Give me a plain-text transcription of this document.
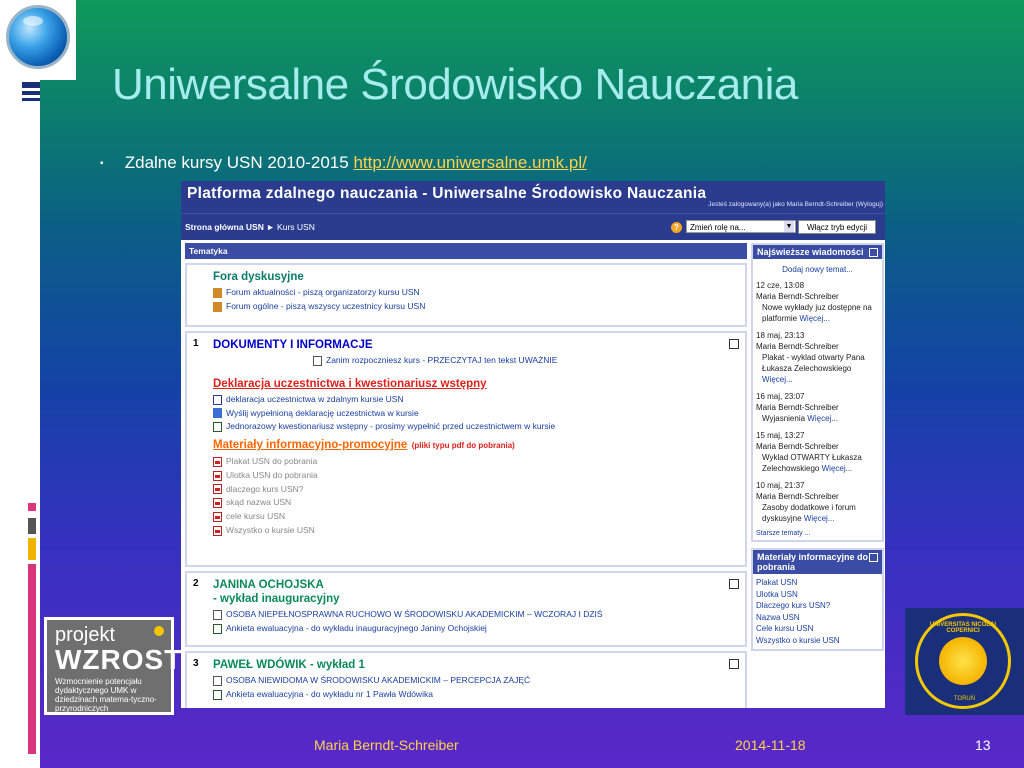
Uniwersalne Środowisko Nauczania
▪ Zdalne kursy USN 2010-2015 http://www.uniwersalne.umk.pl/
Platforma zdalnego nauczania - Uniwersalne Środowisko Nauczania
Jesteś zalogowany(a) jako Maria Berndt-Schreiber (Wyloguj)
Strona główna USN ► Kurs USN	?	Zmień rolę na...	▼	Włącz tryb edycji
Tematyka
Fora dyskusyjne
Forum aktualności - piszą organizatorzy kursu USN
Forum ogólne - piszą wszyscy uczestnicy kursu USN
1 DOKUMENTY I INFORMACJE
Zanim rozpoczniesz kurs - PRZECZYTAJ ten tekst UWAŻNIE
Deklaracja uczestnictwa i kwestionariusz wstępny
deklaracja uczestnictwa w zdalnym kursie USN
Wyślij wypełnioną deklarację uczestnictwa w kursie
Jednorazowy kwestionariusz wstępny - prosimy wypełnić przed uczestnictwem w kursie
Materiały informacyjno-promocyjne (pliki typu pdf do pobrania)
Plakat USN do pobrania
Ulotka USN do pobrania
dlaczego kurs USN?
skąd nazwa USN
cele kursu USN
Wszystko o kursie USN
2 JANINA OCHOJSKA
- wykład inauguracyjny
OSOBA NIEPEŁNOSPRAWNA RUCHOWO W ŚRODOWISKU AKADEMICKIM – WCZORAJ I DZIŚ
Ankieta ewaluacyjna - do wykładu inauguracyjnego Janiny Ochojskiej
3 PAWEŁ WDÓWIK - wykład 1
OSOBA NIEWIDOMA W ŚRODOWISKU AKADEMICKIM – PERCEPCJA ZAJĘĆ
Ankieta ewaluacyjna - do wykładu nr 1 Pawła Wdówika
Najświeższe wiadomości
Dodaj nowy temat...
12 cze, 13:08
Maria Berndt-Schreiber
Nowe wykłady juz dostępne na platformie Więcej...
18 maj, 23:13
Maria Berndt-Schreiber
Plakat - wyklad otwarty Pana Łukasza Zelechowskiego Więcej...
16 maj, 23:07
Maria Berndt-Schreiber
Wyjasnienia Więcej...
15 maj, 13:27
Maria Berndt-Schreiber
Wyklad OTWARTY Łukasza Zelechowskiego Więcej...
10 maj, 21:37
Maria Berndt-Schreiber
Zasoby dodatkowe i forum dyskusyjne Więcej...
Starsze tematy ...
Materiały informacyjne do pobrania
Plakat USN
Ulotka USN
Dlaczego kurs USN?
Nazwa USN
Cele kursu USN
Wszystko o kursie USN
projekt
WZROST
Wzmocnienie potencjału dydaktycznego UMK w dziedzinach matema-tyczno-przyrodniczych
UNIVERSITAS NICOLAI COPERNICI
TORUŃ
Maria Berndt-Schreiber	2014-11-18	13
